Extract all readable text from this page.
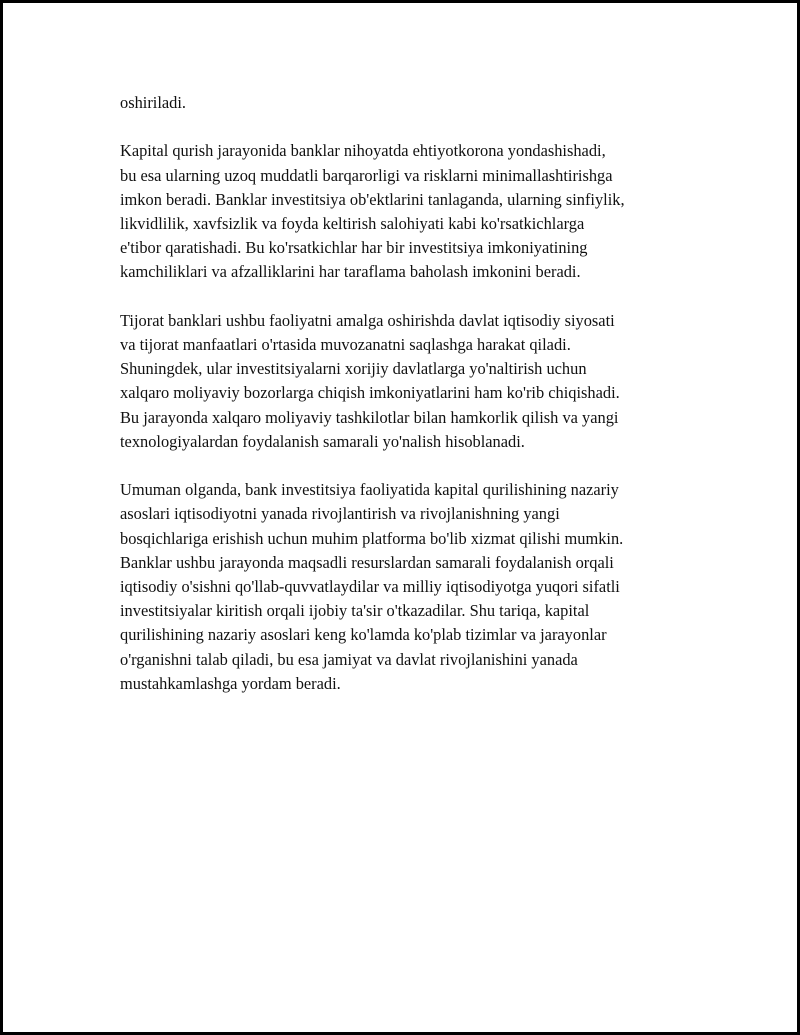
oshiriladi.

Kapital qurish jarayonida banklar nihoyatda ehtiyotkorona yondashishadi,
bu esa ularning uzoq muddatli barqarorligi va risklarni minimallashtirishga
imkon beradi. Banklar investitsiya ob'ektlarini tanlaganda, ularning sinfiylik,
likvidlilik, xavfsizlik va foyda keltirish salohiyati kabi ko'rsatkichlarga
e'tibor qaratishadi. Bu ko'rsatkichlar har bir investitsiya imkoniyatining
kamchiliklari va afzalliklarini har taraflama baholash imkonini beradi.

Tijorat banklari ushbu faoliyatni amalga oshirishda davlat iqtisodiy siyosati
va tijorat manfaatlari o'rtasida muvozanatni saqlashga harakat qiladi.
Shuningdek, ular investitsiyalarni xorijiy davlatlarga yo'naltirish uchun
xalqaro moliyaviy bozorlarga chiqish imkoniyatlarini ham ko'rib chiqishadi.
Bu jarayonda xalqaro moliyaviy tashkilotlar bilan hamkorlik qilish va yangi
texnologiyalardan foydalanish samarali yo'nalish hisoblanadi.

Umuman olganda, bank investitsiya faoliyatida kapital qurilishining nazariy
asoslari iqtisodiyotni yanada rivojlantirish va rivojlanishning yangi
bosqichlariga erishish uchun muhim platforma bo'lib xizmat qilishi mumkin.
Banklar ushbu jarayonda maqsadli resurslardan samarali foydalanish orqali
iqtisodiy o'sishni qo'llab-quvvatlaydilar va milliy iqtisodiyotga yuqori sifatli
investitsiyalar kiritish orqali ijobiy ta'sir o'tkazadilar. Shu tariqa, kapital
qurilishining nazariy asoslari keng ko'lamda ko'plab tizimlar va jarayonlar
o'rganishni talab qiladi, bu esa jamiyat va davlat rivojlanishini yanada
mustahkamlashga yordam beradi.
